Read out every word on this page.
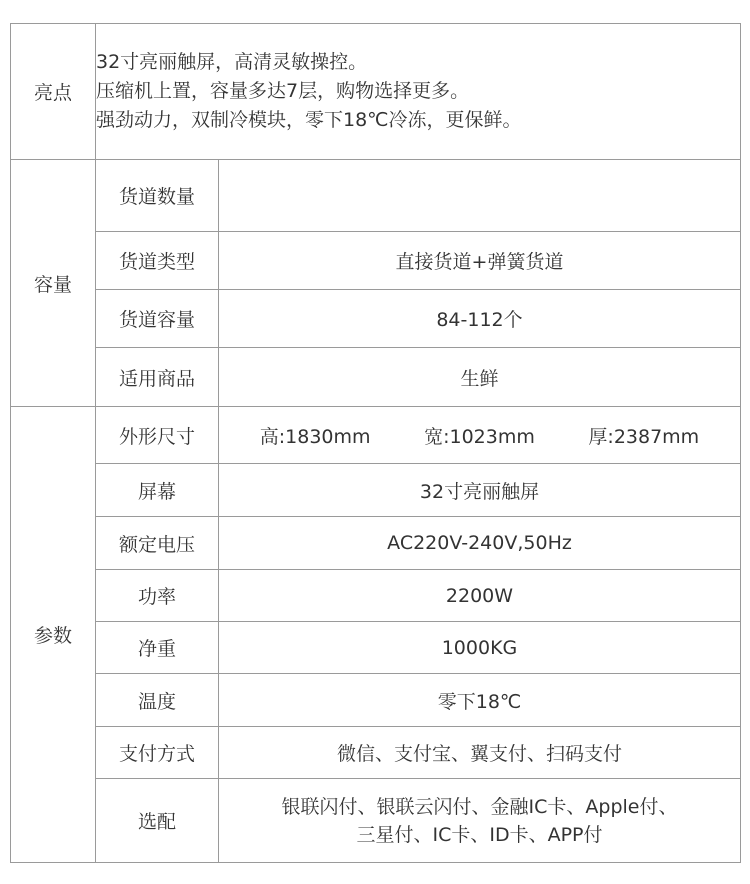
亮点	32寸亮丽触屏，高清灵敏操控。
压缩机上置，容量多达7层，购物选择更多。
强劲动力，双制冷模块，零下18℃冷冻，更保鲜。	

容量	货道数量	
	货道类型	直接货道+弹簧货道
	货道容量	84-112个
	适用商品	生鲜
参数	外形尺寸	高:1830mm 宽:1023mm 厚:2387mm

	屏幕	32寸亮丽触屏
	额定电压	AC220V-240V,50Hz
	功率	2200W
	净重	1000KG
	温度	零下18℃
	支付方式	微信、支付宝、翼支付、扫码支付
	选配	银联闪付、银联云闪付、金融IC卡、Apple付、
三星付、IC卡、ID卡、APP付
